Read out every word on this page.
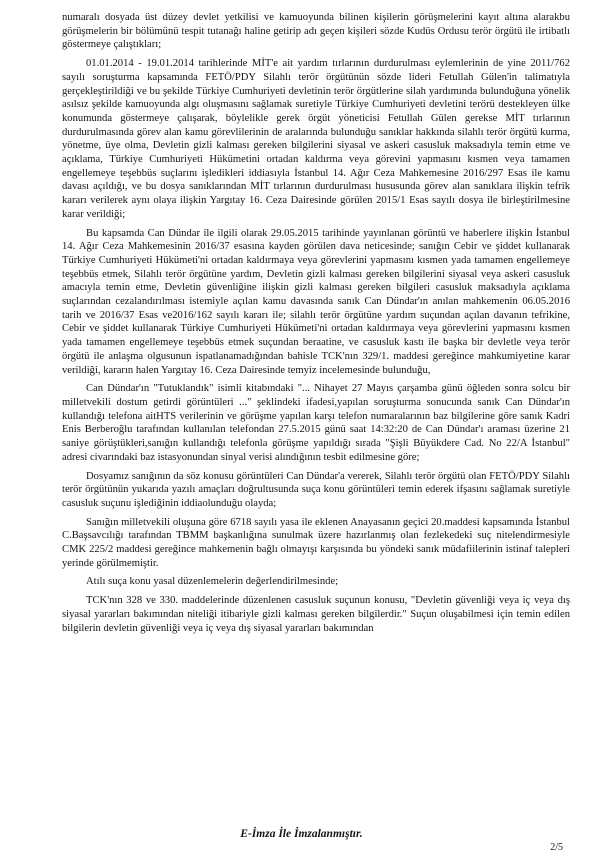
numaralı dosyada üst düzey devlet yetkilisi ve kamuoyunda bilinen kişilerin görüşmelerini kayıt altına alarakbu görüşmelerin bir bölümünü tespit tutanağı haline getirip adı geçen kişileri sözde Kudüs Ordusu terör örgütü ile irtibatlı göstermeye çalıştıkları;

01.01.2014 - 19.01.2014 tarihlerinde MİT'e ait yardım tırlarının durdurulması eylemlerinin de yine 2011/762 sayılı soruşturma kapsamında FETÖ/PDY Silahlı terör örgütünün sözde lideri Fetullah Gülen'in talimatıyla gerçekleştirildiği ve bu şekilde Türkiye Cumhuriyeti devletinin terör örgütlerine silah yardımında bulunduğuna yönelik asılsız şekilde kamuoyunda algı oluşmasını sağlamak suretiyle Türkiye Cumhuriyeti devletini terörü destekleyen ülke konumunda göstermeye çalışarak, böylelikle gerek örgüt yöneticisi Fetullah Gülen gerekse MİT tırlarının durdurulmasında görev alan kamu görevlilerinin de aralarında bulunduğu sanıklar hakkında silahlı terör örgütü kurma, yönetme, üye olma, Devletin gizli kalması gereken bilgilerini siyasal ve askeri casusluk maksadıyla temin etme ve açıklama, Türkiye Cumhuriyeti Hükümetini ortadan kaldırma veya görevini yapmasını kısmen veya tamamen engellemeye teşebbüs suçlarını işledikleri iddiasıyla İstanbul 14. Ağır Ceza Mahkemesine 2016/297 Esas ile kamu davası açıldığı, ve bu dosya sanıklarından MİT tırlarının durdurulması hususunda görev alan sanıklara ilişkin tefrik kararı verilerek aynı olaya ilişkin Yargıtay 16. Ceza Dairesinde görülen 2015/1 Esas sayılı dosya ile birleştirilmesine karar verildiği;

Bu kapsamda Can Dündar ile ilgili olarak 29.05.2015 tarihinde yayınlanan görüntü ve haberlere ilişkin İstanbul 14. Ağır Ceza Mahkemesinin 2016/37 esasına kayden görülen dava neticesinde; sanığın Cebir ve şiddet kullanarak Türkiye Cumhuriyeti Hükümeti'ni ortadan kaldırmaya veya görevlerini yapmasını kısmen yada tamamen engellemeye teşebbüs etmek, Silahlı terör örgütüne yardım, Devletin gizli kalması gereken bilgilerini siyasal veya askeri casusluk amacıyla temin etme, Devletin güvenliğine ilişkin gizli kalması gereken bilgileri casusluk maksadıyla açıklama suçlarından cezalandırılması istemiyle açılan kamu davasında sanık Can Dündar'ın anılan mahkemenin 06.05.2016 tarih ve 2016/37 Esas ve2016/162 sayılı kararı ile; silahlı terör örgütüne yardım suçundan açılan davanın tefrikine, Cebir ve şiddet kullanarak Türkiye Cumhuriyeti Hükümeti'ni ortadan kaldırmaya veya görevlerini yapmasını kısmen yada tamamen engellemeye teşebbüs etmek suçundan beraatine, ve casusluk kastı ile başka bir devletle veya terör örgütü ile anlaşma olgusunun ispatlanamadığından bahisle TCK'nın 329/1. maddesi gereğince mahkumiyetine karar verildiği, kararın halen Yargıtay 16. Ceza Dairesinde temyiz incelemesinde bulunduğu,

Can Dündar'ın "Tutuklandık" isimli kitabındaki "... Nihayet 27 Mayıs çarşamba günü öğleden sonra solcu bir milletvekili dostum getirdi görüntüleri ..." şeklindeki ifadesi,yapılan soruşturma sonucunda sanık Can Dündar'ın kullandığı telefona aitHTS verilerinin ve görüşme yapılan karşı telefon numaralarının baz bilgilerine göre sanık Kadri Enis Berberoğlu tarafından kullanılan telefondan 27.5.2015 günü saat 14:32:20 de Can Dündar'ı araması üzerine 21 saniye görüştükleri,sanığın kullandığı telefonla görüşme yapıldığı sırada "Şişli Büyükdere Cad. No 22/A İstanbul" adresi civarındaki baz istasyonundan sinyal verisi alındığının tesbit edilmesine göre;

Dosyamız sanığının da söz konusu görüntüleri Can Dündar'a vererek, Silahlı terör örgütü olan FETÖ/PDY Silahlı terör örgütünün yukarıda yazılı amaçları doğrultusunda suça konu görüntüleri temin ederek ifşasını sağlamak suretiyle casusluk suçunu işlediğinin iddiaolunduğu olayda;

Sanığın milletvekili oluşuna göre 6718 sayılı yasa ile eklenen Anayasanın geçici 20.maddesi kapsamında İstanbul C.Başsavcılığı tarafından TBMM başkanlığına sunulmak üzere hazırlanmış olan fezlekedeki suç nitelendirmesiyle CMK 225/2 maddesi gereğince mahkemenin bağlı olmayışı karşısında bu yöndeki sanık müdafiilerinin istinaf talepleri yerinde görülmemiştir.

Atılı suça konu yasal düzenlemelerin değerlendirilmesinde;

TCK'nın 328 ve 330. maddelerinde düzenlenen casusluk suçunun konusu, "Devletin güvenliği veya iç veya dış siyasal yararları bakımından niteliği itibariyle gizli kalması gereken bilgilerdir." Suçun oluşabilmesi için temin edilen bilgilerin devletin güvenliği veya iç veya dış siyasal yararları bakımından

E-İmza İle İmzalanmıştır.
2/5
